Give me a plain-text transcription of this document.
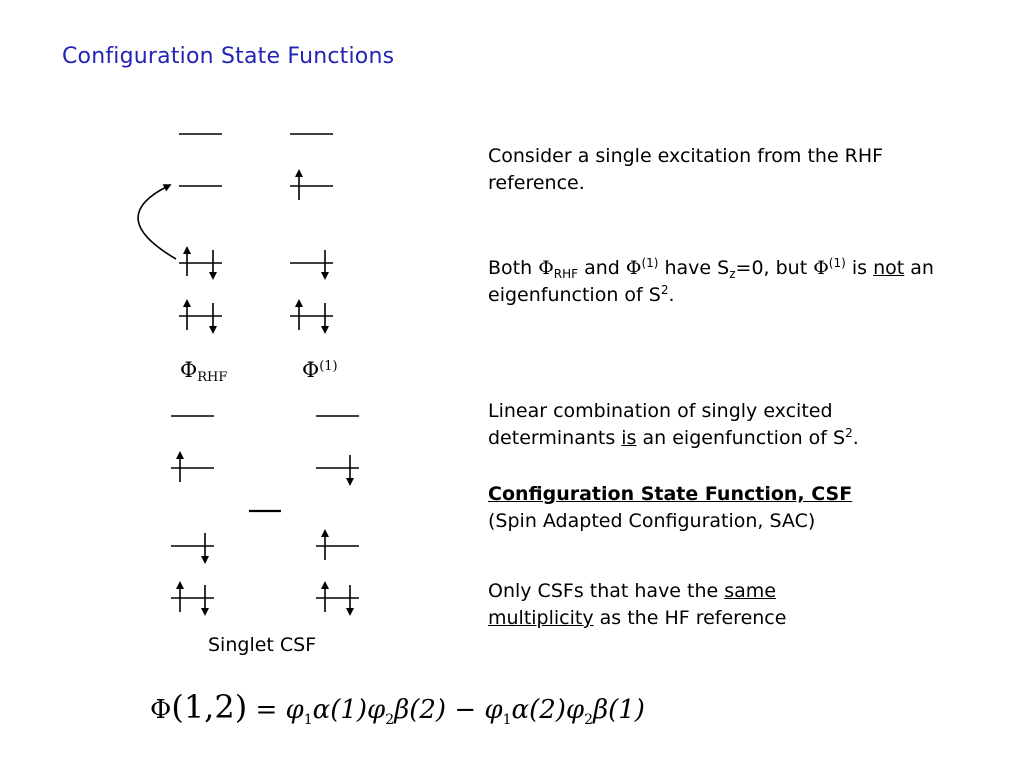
Configuration State Functions
$\Phi_{RHF}$	$\Phi^{(1)}$
Singlet CSF
Consider a single excitation from the RHF reference.
Both $\Phi_{RHF}$ and $\Phi^{(1)}$ have $S_z=0$, but $\Phi^{(1)}$ is not an eigenfunction of $S^2$.
Linear combination of singly excited determinants is an eigenfunction of $S^2$.
Configuration State Function, CSF
(Spin Adapted Configuration, SAC)
Only CSFs that have the same
multiplicity as the HF reference
$\Phi(1,2) = \varphi_1\alpha(1)\varphi_2\beta(2) - \varphi_1\alpha(2)\varphi_2\beta(1)$
